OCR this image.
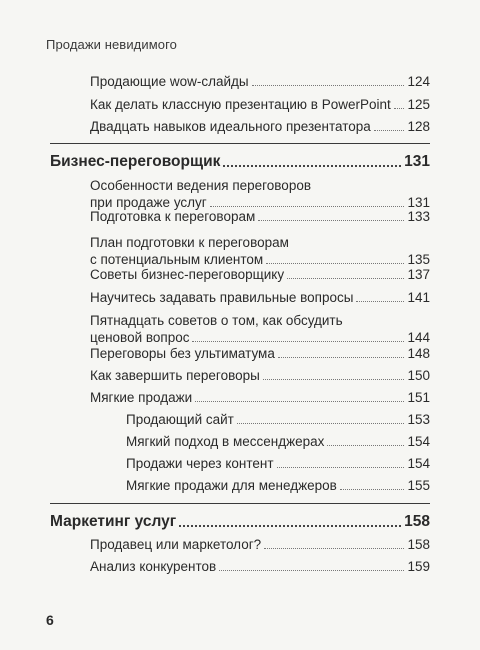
Продажи невидимого
Продающие wow-слайды	124
Как делать классную презентацию в PowerPoint 125
Двадцать навыков идеального презентатора	128
Бизнес-переговорщик	131
Особенности ведения переговоров
при продаже услуг	131
Подготовка к переговорам	133
План подготовки к переговорам
с потенциальным клиентом	135
Советы бизнес-переговорщику	137
Научитесь задавать правильные вопросы	141
Пятнадцать советов о том, как обсудить
ценовой вопрос	144
Переговоры без ультиматума	148
Как завершить переговоры	150
Мягкие продажи	151
Продающий сайт	153
Мягкий подход в мессенджерах	154
Продажи через контент	154
Мягкие продажи для менеджеров	155
Маркетинг услуг	158
Продавец или маркетолог?	158
Анализ конкурентов	159
6
